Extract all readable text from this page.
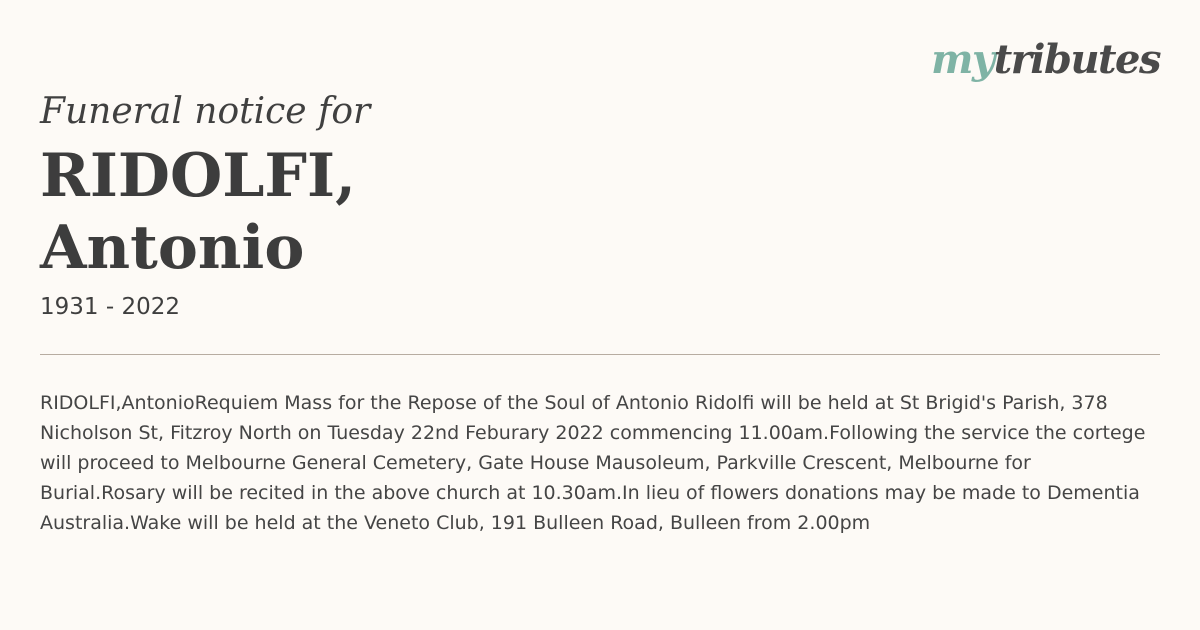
mytributes
Funeral notice for
RIDOLFI,
Antonio
1931 - 2022
RIDOLFI,AntonioRequiem Mass for the Repose of the Soul of Antonio Ridolfi will be held at St Brigid's Parish, 378 Nicholson St, Fitzroy North on Tuesday 22nd Feburary 2022 commencing 11.00am.Following the service the cortege will proceed to Melbourne General Cemetery, Gate House Mausoleum, Parkville Crescent, Melbourne for Burial.Rosary will be recited in the above church at 10.30am.In lieu of flowers donations may be made to Dementia Australia.Wake will be held at the Veneto Club, 191 Bulleen Road, Bulleen from 2.00pm
